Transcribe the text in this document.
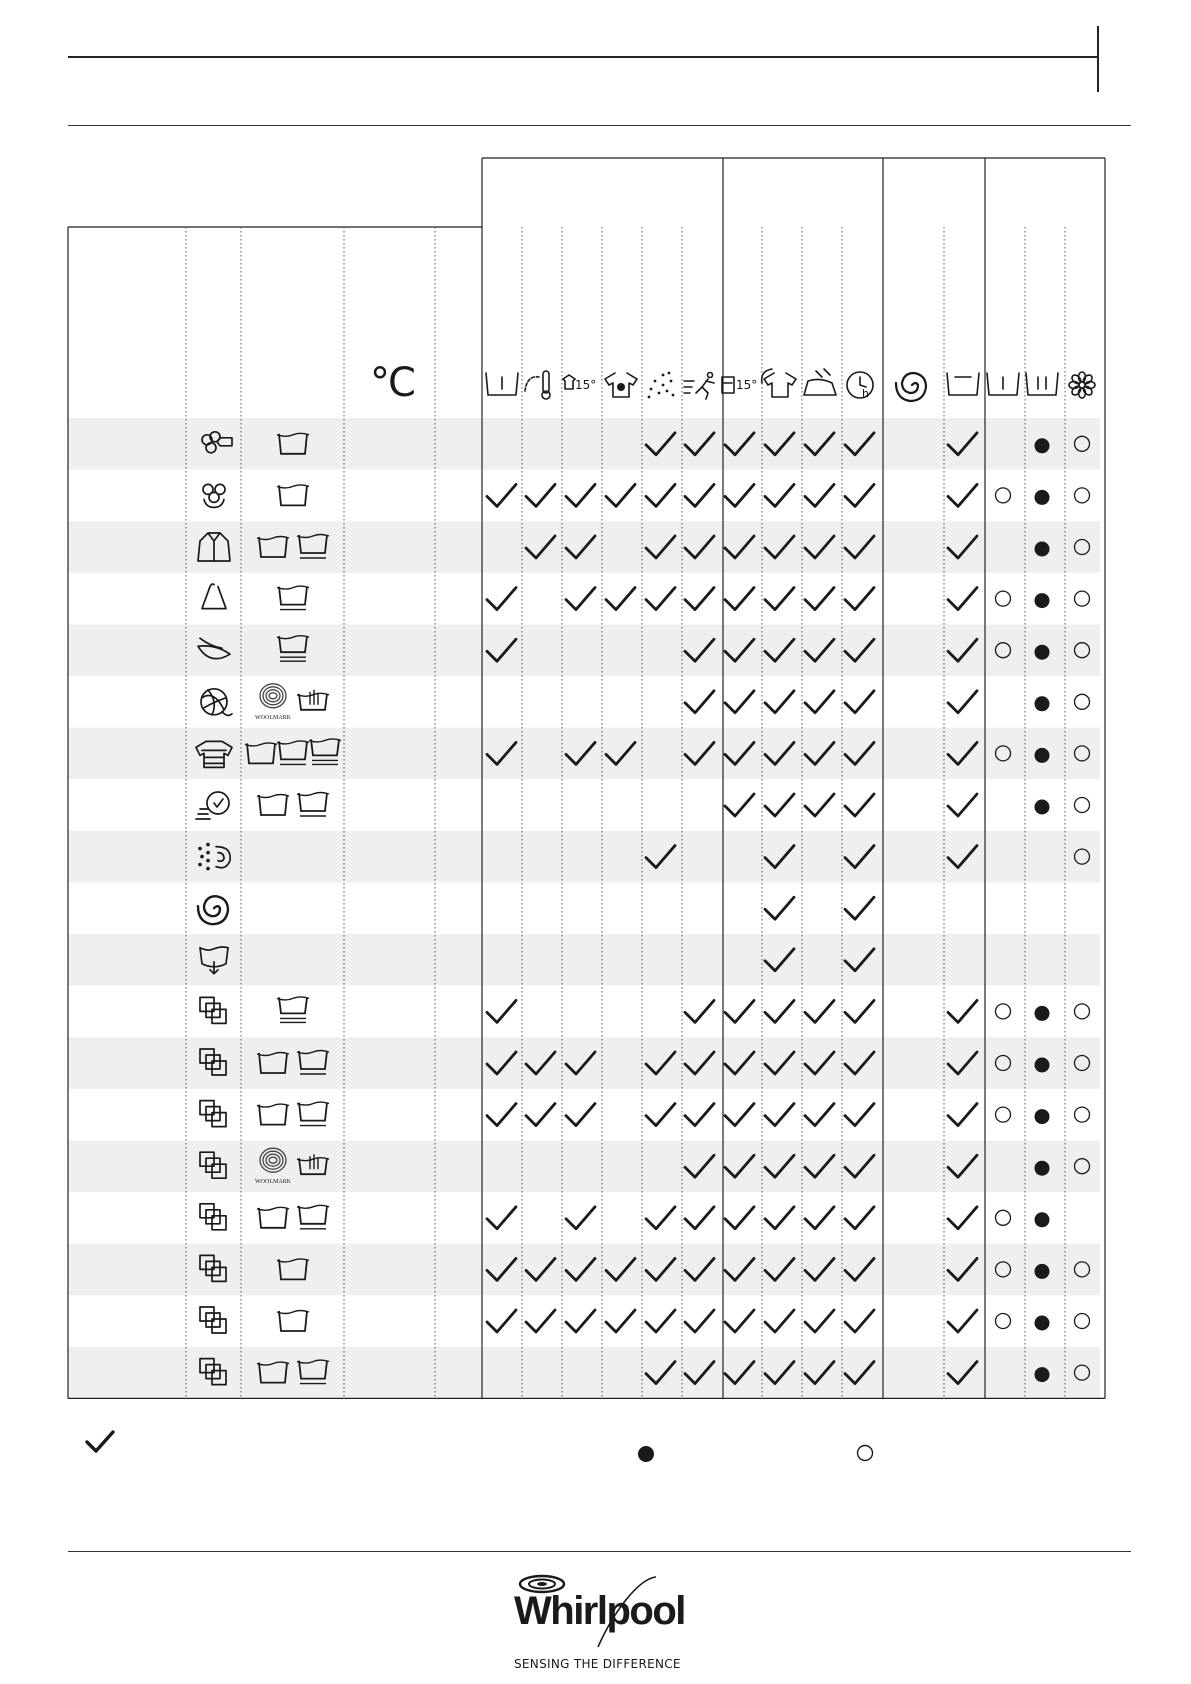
°C	15°	15°
h
WOOLMARK
WOOLMARK
Whirlpool
SENSING THE DIFFERENCE
